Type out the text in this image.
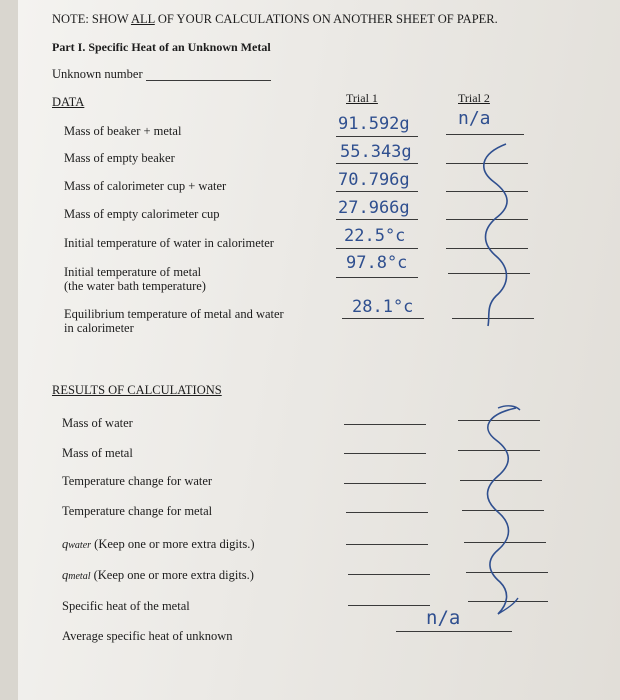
NOTE: SHOW ALL OF YOUR CALCULATIONS ON ANOTHER SHEET OF PAPER.
Part I. Specific Heat of an Unknown Metal
Unknown number
DATA	Trial 1	Trial 2
Mass of beaker + metal
Mass of empty beaker
Mass of calorimeter cup + water
Mass of empty calorimeter cup
Initial temperature of water in calorimeter
Initial temperature of metal
(the water bath temperature)
Equilibrium temperature of metal and water
in calorimeter
91.592g
55.343g
70.796g
27.966g
22.5°c
97.8°c
28.1°c
n/a
RESULTS OF CALCULATIONS
Mass of water
Mass of metal
Temperature change for water
Temperature change for metal
qwater (Keep one or more extra digits.)
qmetal (Keep one or more extra digits.)
Specific heat of the metal
Average specific heat of unknown
n/a
